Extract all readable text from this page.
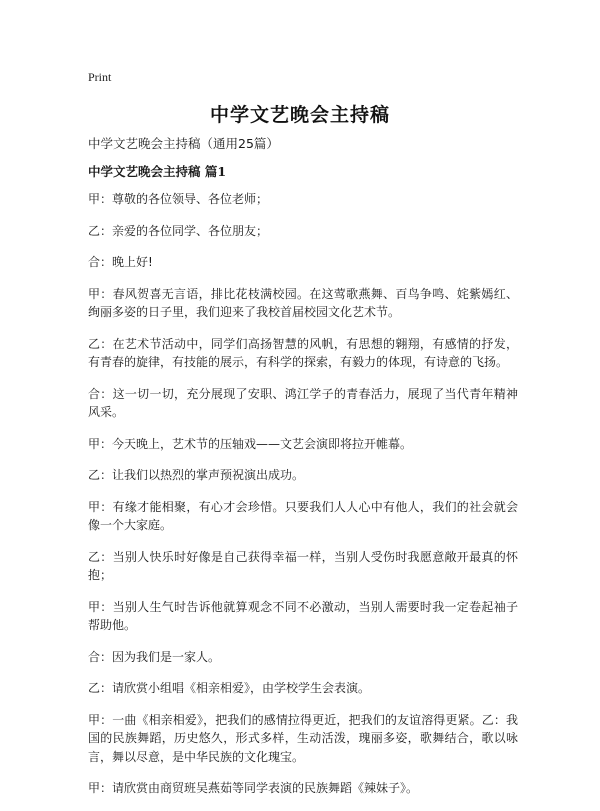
Print
中学文艺晚会主持稿
中学文艺晚会主持稿（通用25篇）
中学文艺晚会主持稿 篇1

甲：尊敬的各位领导、各位老师；

乙：亲爱的各位同学、各位朋友；

合：晚上好!

甲：春风贺喜无言语，排比花枝满校园。在这莺歌燕舞、百鸟争鸣、姹紫嫣红、绚丽多姿的日子里，我们迎来了我校首届校园文化艺术节。

乙：在艺术节活动中，同学们高扬智慧的风帆，有思想的翱翔，有感情的抒发，有青春的旋律，有技能的展示，有科学的探索，有毅力的体现，有诗意的飞扬。

合：这一切一切，充分展现了安职、鸿江学子的青春活力，展现了当代青年精神风采。

甲：今天晚上，艺术节的压轴戏——文艺会演即将拉开帷幕。

乙：让我们以热烈的掌声预祝演出成功。

甲：有缘才能相聚，有心才会珍惜。只要我们人人心中有他人，我们的社会就会像一个大家庭。

乙：当别人快乐时好像是自己获得幸福一样，当别人受伤时我愿意敞开最真的怀抱；

甲：当别人生气时告诉他就算观念不同不必激动，当别人需要时我一定卷起袖子帮助他。

合：因为我们是一家人。

乙：请欣赏小组唱《相亲相爱》，由学校学生会表演。

甲：一曲《相亲相爱》，把我们的感情拉得更近，把我们的友谊溶得更紧。乙：我国的民族舞蹈，历史悠久，形式多样，生动活泼，瑰丽多姿，歌舞结合，歌以咏言，舞以尽意，是中华民族的文化瑰宝。

甲：请欣赏由商贸班吴燕茹等同学表演的民族舞蹈《辣妹子》。
